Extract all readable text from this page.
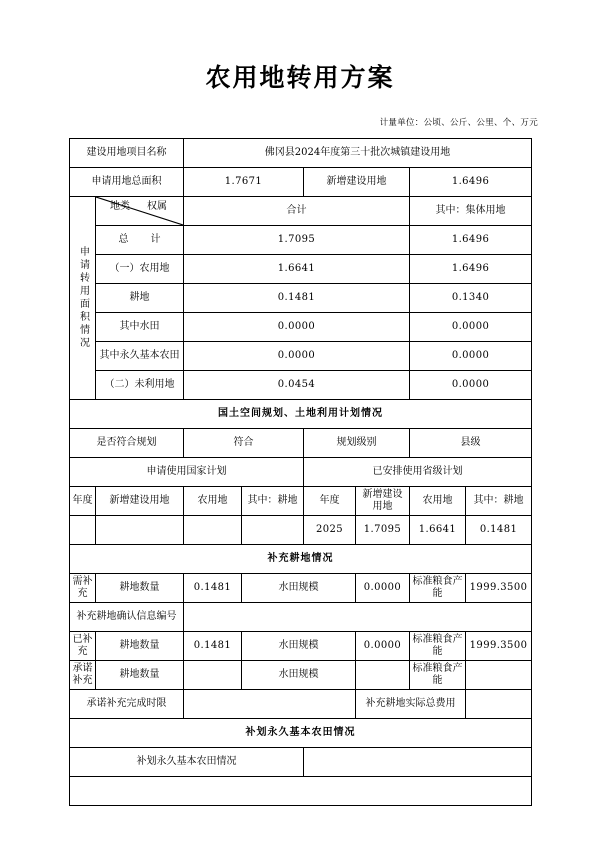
农用地转用方案
计量单位：公顷、公斤、公里、个、万元
建设用地项目名称		佛冈县2024年度第三十批次城镇建设用地					
申请用地总面积		1.7671		新增建设用地		1.6496	

申请转用面积情况	地类 权属	合计				其中：集体用地	
	总　计	1.7095				1.6496	
	（一）农用地	1.6641				1.6496	
	耕地	0.1481				0.1340	
	其中水田	0.0000				0.0000	
	其中永久基本农田	0.0000				0.0000	
	（二）未利用地	0.0454				0.0000	
国土空间规划、土地利用计划情况							
是否符合规划		符合		规划级别		县级	
申请使用国家计划				已安排使用省级计划			
年度	新增建设用地	农用地	其中：耕地	年度	新增建设用地	农用地	其中：耕地
				2025	1.7095	1.6641	0.1481
补充耕地情况							
需补充	耕地数量	0.1481	水田规模		0.0000	标准粮食产能	1999.3500
补充耕地确认信息编号							
已补充	耕地数量	0.1481	水田规模		0.0000	标准粮食产能	1999.3500
承诺补充	耕地数量		水田规模			标准粮食产能	
承诺补充完成时限					补充耕地实际总费用		
补划永久基本农田情况							
补划永久基本农田情况							
